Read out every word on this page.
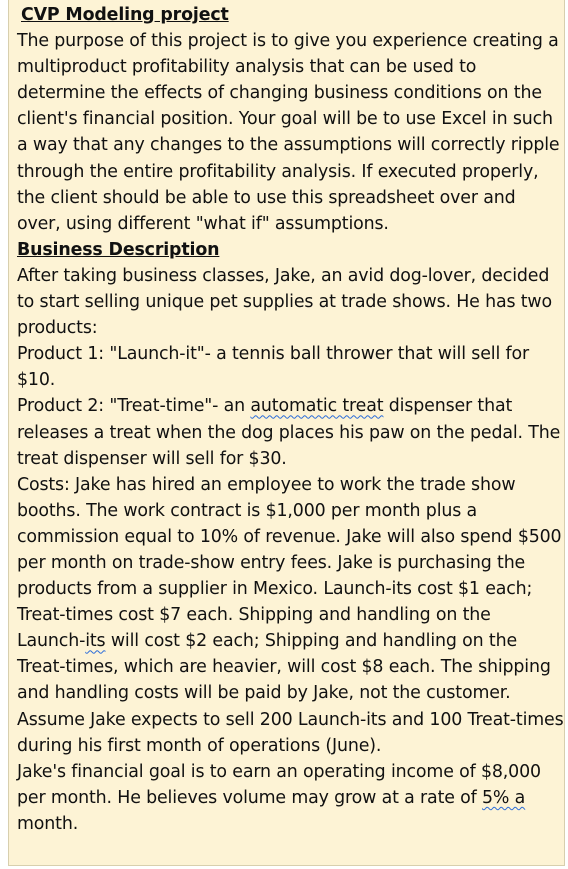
CVP Modeling project

The purpose of this project is to give you experience creating a multiproduct profitability analysis that can be used to determine the effects of changing business conditions on the client's financial position. Your goal will be to use Excel in such a way that any changes to the assumptions will correctly ripple through the entire profitability analysis. If executed properly, the client should be able to use this spreadsheet over and over, using different "what if" assumptions.

Business Description

After taking business classes, Jake, an avid dog-lover, decided to start selling unique pet supplies at trade shows. He has two products:

Product 1: "Launch-it"- a tennis ball thrower that will sell for $10.

Product 2: "Treat-time"- an automatic treat dispenser that releases a treat when the dog places his paw on the pedal. The treat dispenser will sell for $30.

Costs: Jake has hired an employee to work the trade show booths. The work contract is $1,000 per month plus a commission equal to 10% of revenue. Jake will also spend $500 per month on trade-show entry fees. Jake is purchasing the products from a supplier in Mexico. Launch-its cost $1 each; Treat-times cost $7 each. Shipping and handling on the Launch-its will cost $2 each; Shipping and handling on the Treat-times, which are heavier, will cost $8 each. The shipping and handling costs will be paid by Jake, not the customer.

Assume Jake expects to sell 200 Launch-its and 100 Treat-times during his first month of operations (June).

Jake's financial goal is to earn an operating income of $8,000 per month. He believes volume may grow at a rate of 5% a month.
